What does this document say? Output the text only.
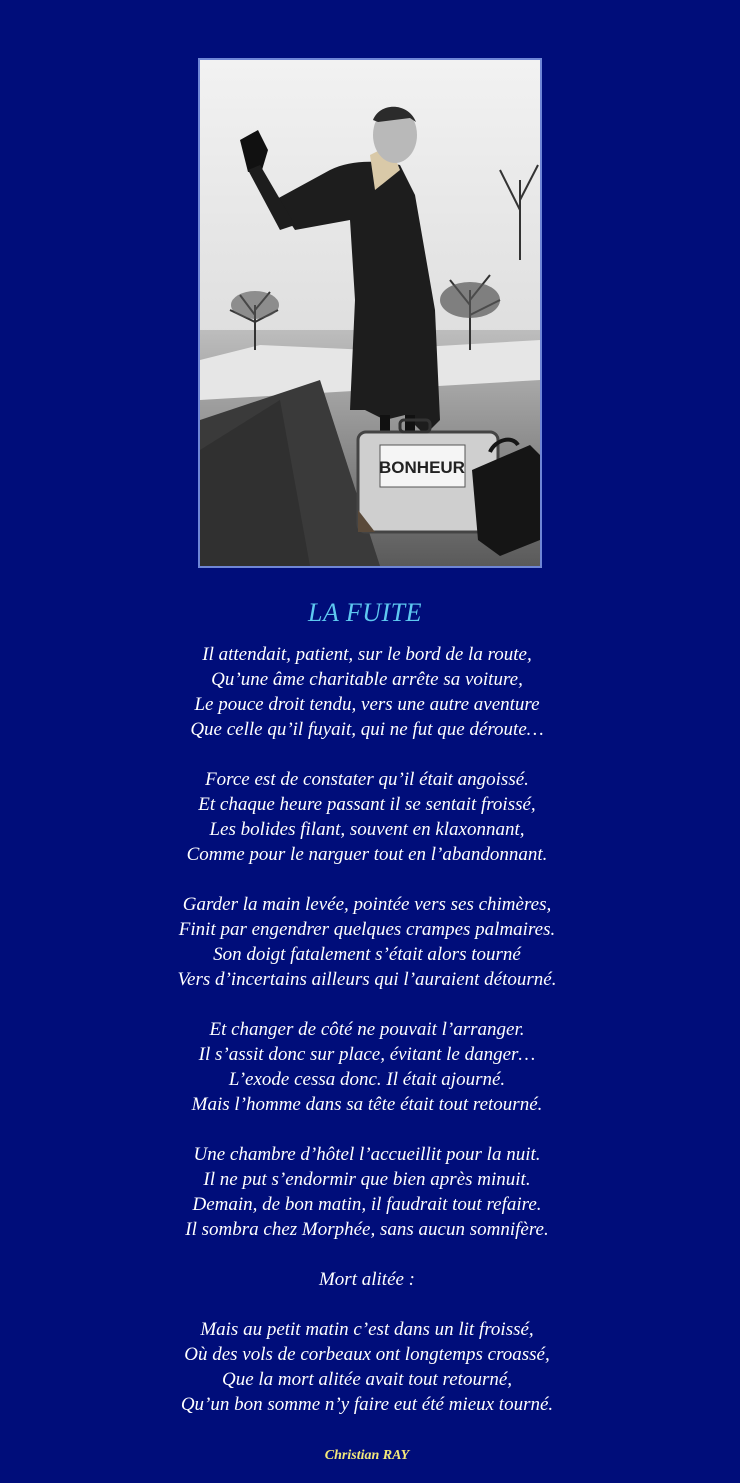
BONHEUR
LA FUITE
Il attendait, patient, sur le bord de la route,
Qu’une âme charitable arrête sa voiture,
Le pouce droit tendu, vers une autre aventure
Que celle qu’il fuyait, qui ne fut que déroute…
Force est de constater qu’il était angoissé.
Et chaque heure passant il se sentait froissé,
Les bolides filant, souvent en klaxonnant,
Comme pour le narguer tout en l’abandonnant.
Garder la main levée, pointée vers ses chimères,
Finit par engendrer quelques crampes palmaires.
Son doigt fatalement s’était alors tourné
Vers d’incertains ailleurs qui l’auraient détourné.
Et changer de côté ne pouvait l’arranger.
Il s’assit donc sur place, évitant le danger…
L’exode cessa donc. Il était ajourné.
Mais l’homme dans sa tête était tout retourné.
Une chambre d’hôtel l’accueillit pour la nuit.
Il ne put s’endormir que bien après minuit.
Demain, de bon matin, il faudrait tout refaire.
Il sombra chez Morphée, sans aucun somnifère.
Mort alitée :
Mais au petit matin c’est dans un lit froissé,
Où des vols de corbeaux ont longtemps croassé,
Que la mort alitée avait tout retourné,
Qu’un bon somme n’y faire eut été mieux tourné.
Christian RAY
